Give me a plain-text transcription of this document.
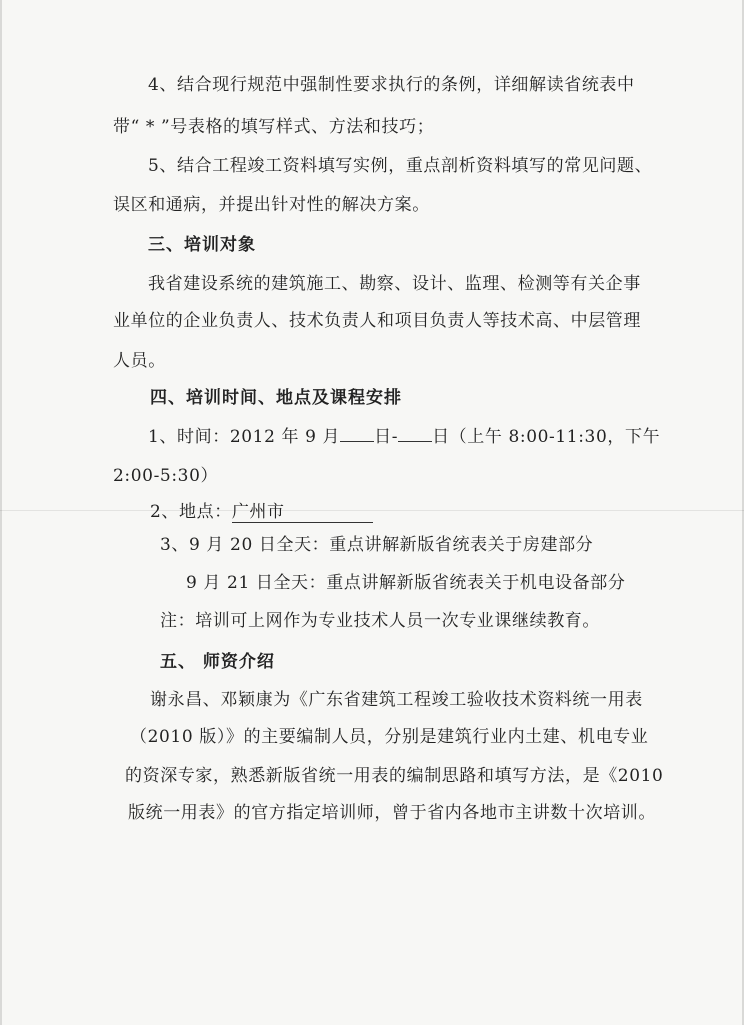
4、结合现行规范中强制性要求执行的条例，详细解读省统表中
带“ * ”号表格的填写样式、方法和技巧；
5、结合工程竣工资料填写实例，重点剖析资料填写的常见问题、
误区和通病，并提出针对性的解决方案。
三、培训对象
我省建设系统的建筑施工、勘察、设计、监理、检测等有关企事
业单位的企业负责人、技术负责人和项目负责人等技术高、中层管理
人员。
四、培训时间、地点及课程安排
1、时间：2012 年 9 月 日- 日（上午 8:00-11:30，下午
2:00-5:30）
2、地点：广州市
3、9 月 20 日全天：重点讲解新版省统表关于房建部分
9 月 21 日全天：重点讲解新版省统表关于机电设备部分
注：培训可上网作为专业技术人员一次专业课继续教育。
五、 师资介绍
谢永昌、邓颖康为《广东省建筑工程竣工验收技术资料统一用表
（2010 版）》的主要编制人员，分别是建筑行业内土建、机电专业
的资深专家，熟悉新版省统一用表的编制思路和填写方法，是《2010
版统一用表》的官方指定培训师，曾于省内各地市主讲数十次培训。
